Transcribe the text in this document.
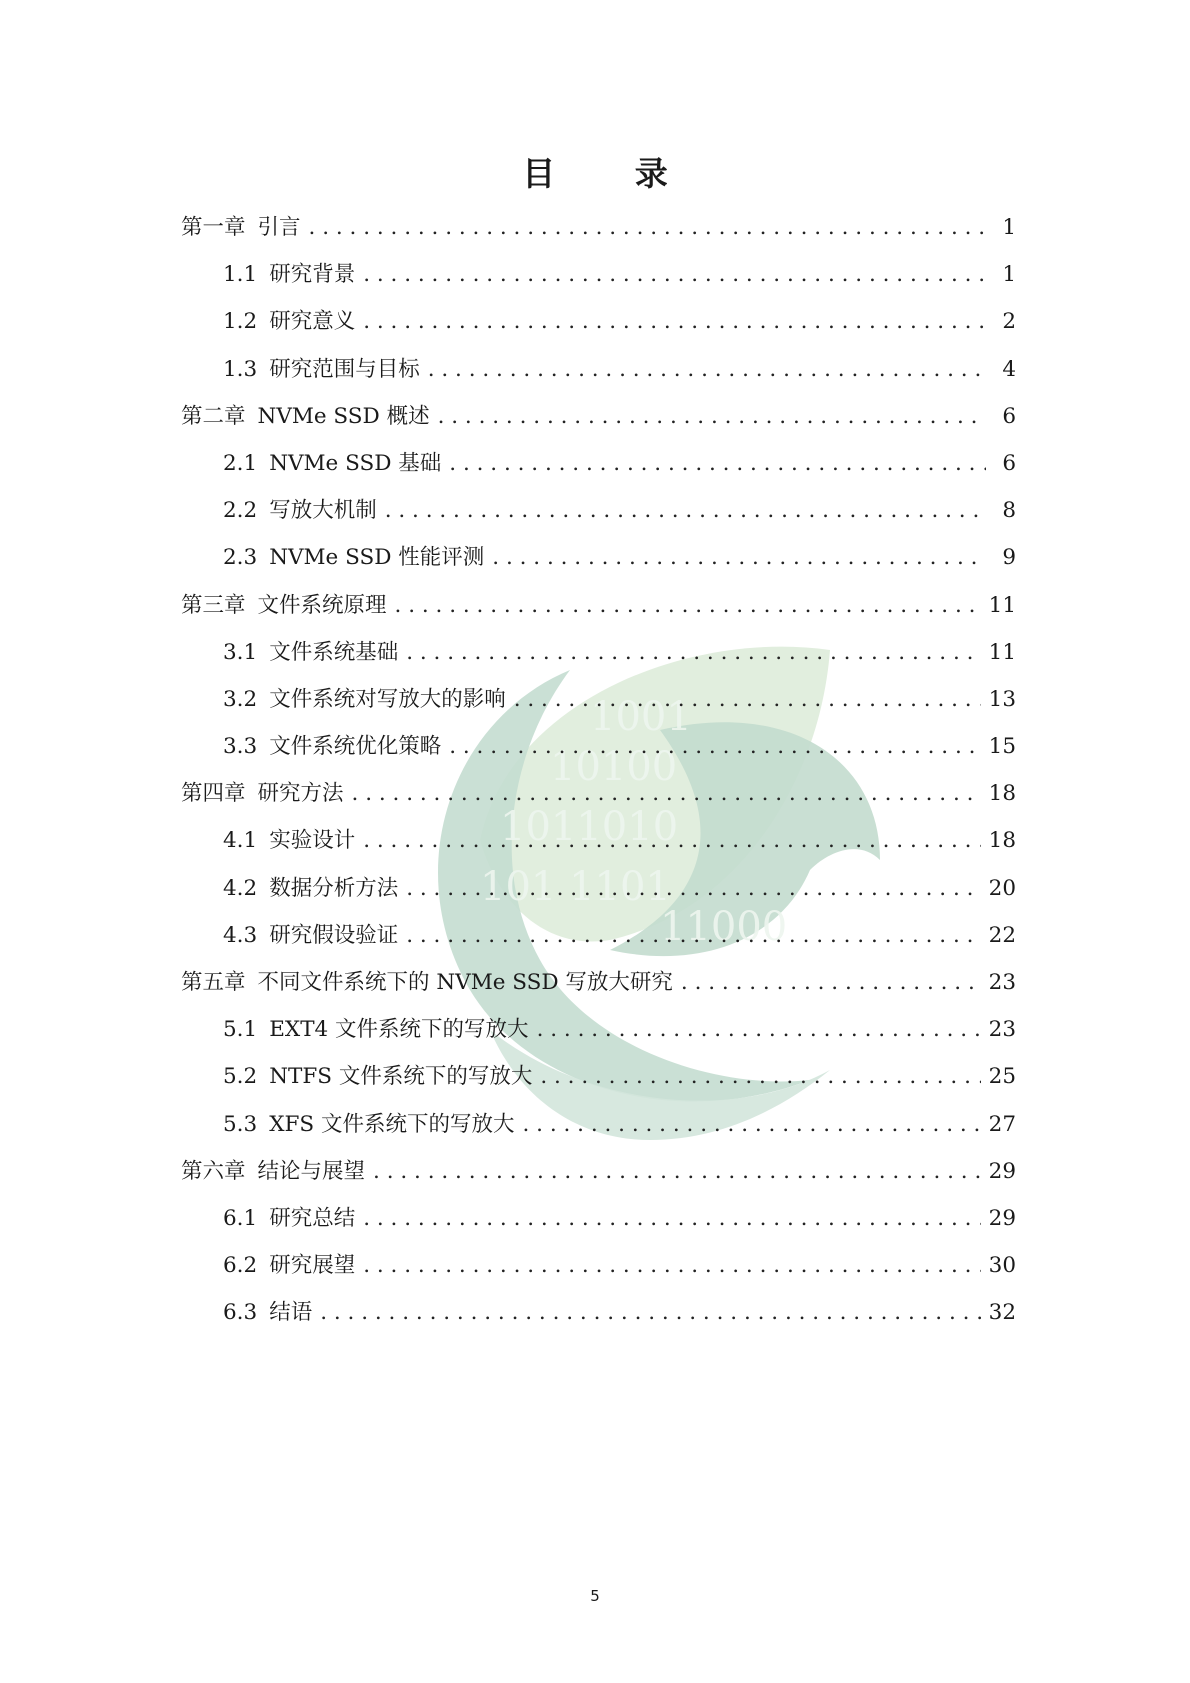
1001
10100
1011010
101 1101
11000
目 录
第一章 引言 . . .	1
1.1 研究背景 . . .	1
1.2 研究意义 . . .	2
1.3 研究范围与目标 . . .	4
第二章 NVMe SSD 概述 . . .	6
2.1 NVMe SSD 基础 . . .	6
2.2 写放大机制 . . .	8
2.3 NVMe SSD 性能评测 . . .	9
第三章 文件系统原理 . . .	11
3.1 文件系统基础 . . .	11
3.2 文件系统对写放大的影响 . . .	13
3.3 文件系统优化策略 . . .	15
第四章 研究方法 . . .	18
4.1 实验设计 . . .	18
4.2 数据分析方法 . . .	20
4.3 研究假设验证 . . .	22
第五章 不同文件系统下的 NVMe SSD 写放大研究 . . .	23
5.1 EXT4 文件系统下的写放大 . . .	23
5.2 NTFS 文件系统下的写放大 . . .	25
5.3 XFS 文件系统下的写放大 . . .	27
第六章 结论与展望 . . .	29
6.1 研究总结 . . .	29
6.2 研究展望 . . .	30
6.3 结语 . . .	32
5
